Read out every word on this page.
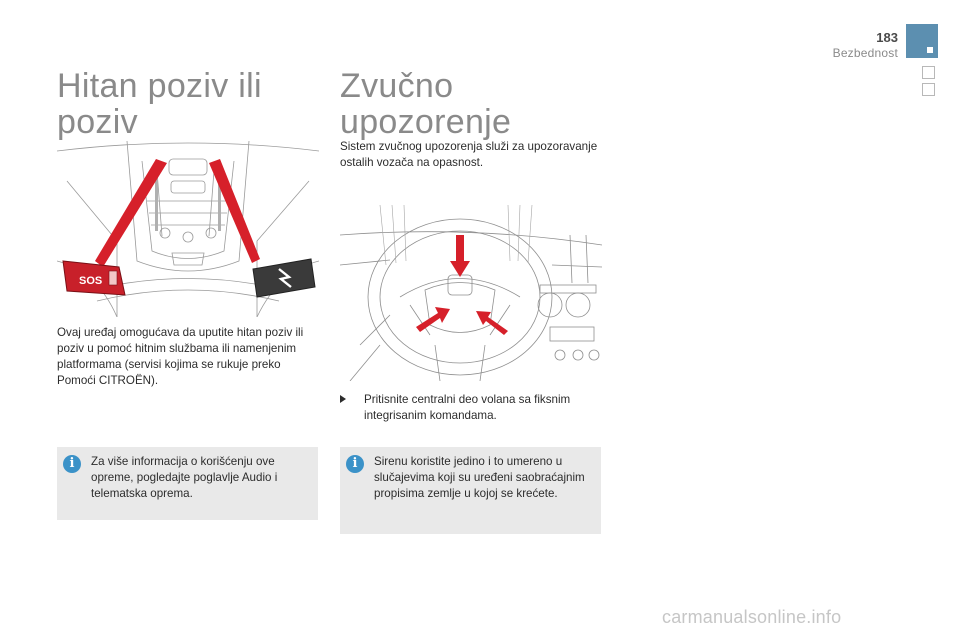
183
Bezbednost
Hitan poziv ili poziv
SOS
Ovaj uređaj omogućava da uputite hitan poziv ili poziv u pomoć hitnim službama ili namenjenim platformama (servisi kojima se rukuje preko Pomoći CITROËN).
i	Za više informacija o korišćenju ove opreme, pogledajte poglavlje Audio i telematska oprema.
Zvučno upozorenje
Sistem zvučnog upozorenja služi za upozoravanje ostalih vozača na opasnost.
Pritisnite centralni deo volana sa fiksnim integrisanim komandama.
i	Sirenu koristite jedino i to umereno u slučajevima koji su uređeni saobraćajnim propisima zemlje u kojoj se krećete.
carmanualsonline.info
